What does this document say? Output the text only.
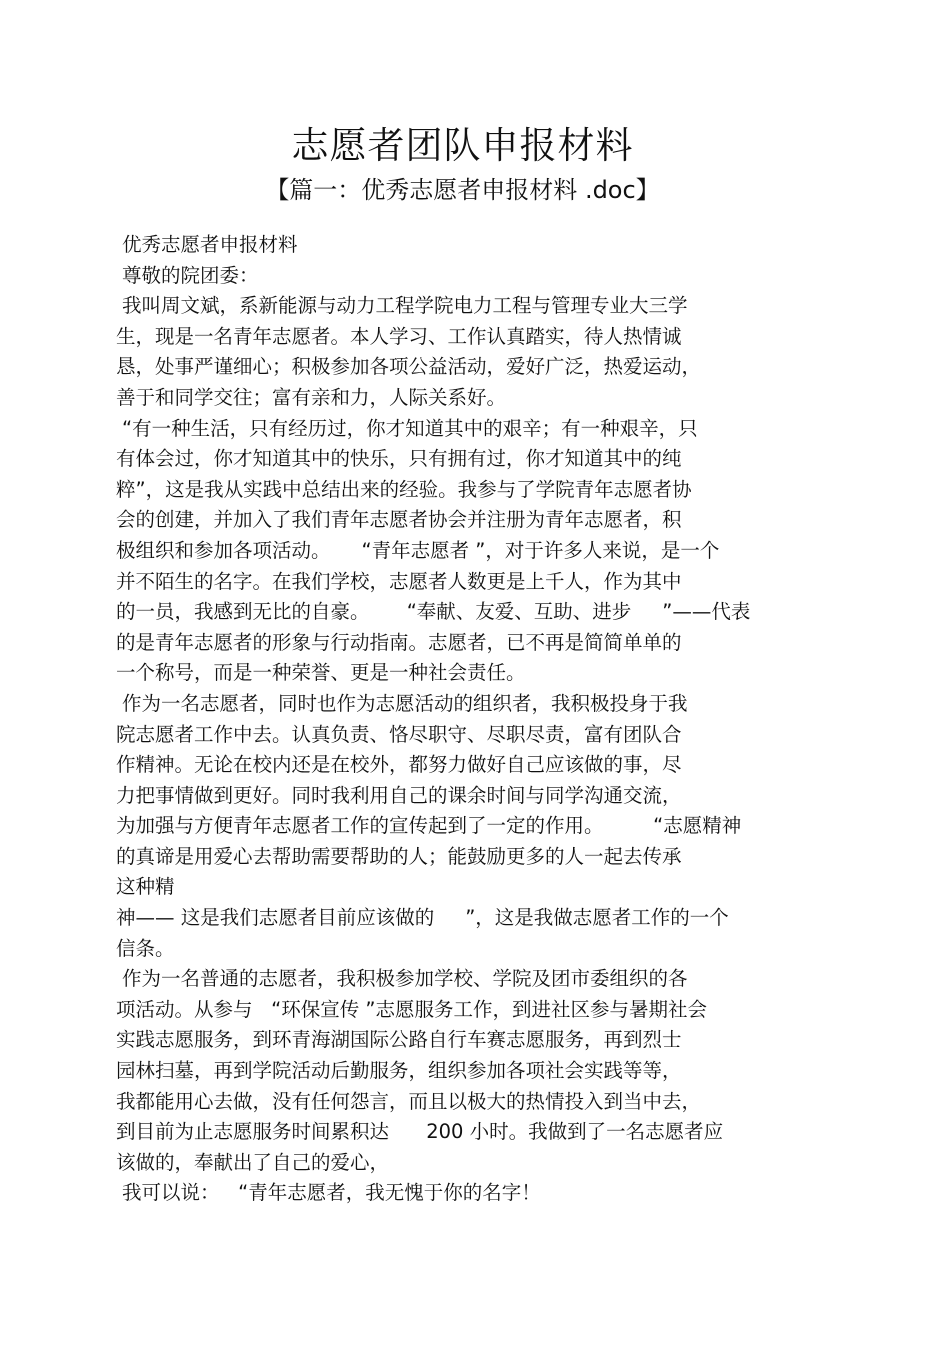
志愿者团队申报材料
【篇一：优秀志愿者申报材料 .doc】
优秀志愿者申报材料
尊敬的院团委：
我叫周文斌，系新能源与动力工程学院电力工程与管理专业大三学
生，现是一名青年志愿者。本人学习、工作认真踏实，待人热情诚
恳，处事严谨细心；积极参加各项公益活动，爱好广泛，热爱运动，
善于和同学交往；富有亲和力，人际关系好。
“有一种生活，只有经历过，你才知道其中的艰辛；有一种艰辛，只
有体会过，你才知道其中的快乐，只有拥有过，你才知道其中的纯
粹”，这是我从实践中总结出来的经验。我参与了学院青年志愿者协
会的创建，并加入了我们青年志愿者协会并注册为青年志愿者，积
极组织和参加各项活动。     “青年志愿者 ”，对于许多人来说，是一个
并不陌生的名字。在我们学校，志愿者人数更是上千人，作为其中
的一员，我感到无比的自豪。      “奉献、友爱、互助、进步     ”——代表
的是青年志愿者的形象与行动指南。志愿者，已不再是简简单单的
一个称号，而是一种荣誉、更是一种社会责任。
作为一名志愿者，同时也作为志愿活动的组织者，我积极投身于我
院志愿者工作中去。认真负责、恪尽职守、尽职尽责，富有团队合
作精神。无论在校内还是在校外，都努力做好自己应该做的事，尽
力把事情做到更好。同时我利用自己的课余时间与同学沟通交流，
为加强与方便青年志愿者工作的宣传起到了一定的作用。        “志愿精神
的真谛是用爱心去帮助需要帮助的人；能鼓励更多的人一起去传承
这种精
神—— 这是我们志愿者目前应该做的     ”，这是我做志愿者工作的一个
信条。
作为一名普通的志愿者，我积极参加学校、学院及团市委组织的各
项活动。从参与   “环保宣传 ”志愿服务工作，到进社区参与暑期社会
实践志愿服务，到环青海湖国际公路自行车赛志愿服务，再到烈士
园林扫墓，再到学院活动后勤服务，组织参加各项社会实践等等，
我都能用心去做，没有任何怨言，而且以极大的热情投入到当中去，
到目前为止志愿服务时间累积达      200 小时。我做到了一名志愿者应
该做的，奉献出了自己的爱心，
我可以说：   “青年志愿者，我无愧于你的名字！
